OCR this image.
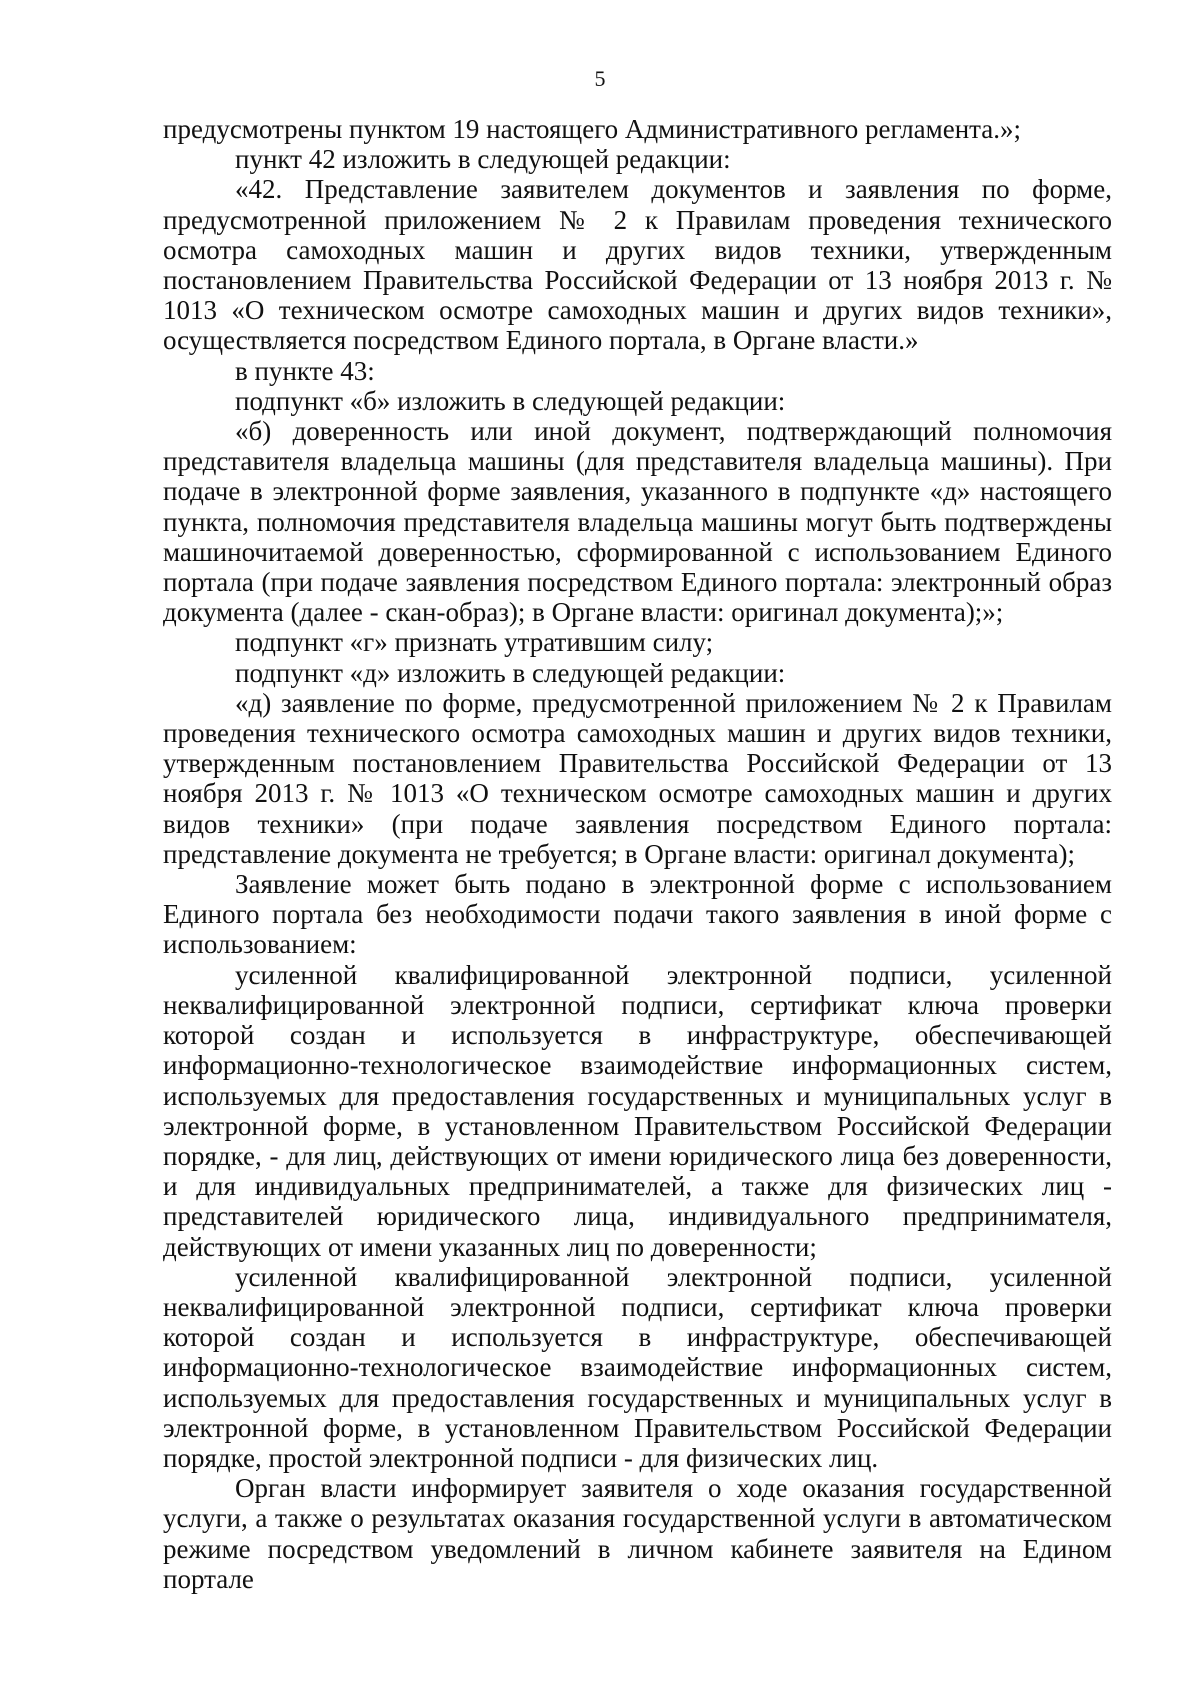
5

предусмотрены пунктом 19 настоящего Административного регламента.»;

пункт 42 изложить в следующей редакции:

«42. Представление заявителем документов и заявления по форме, предусмотренной приложением № 2 к Правилам проведения технического осмотра самоходных машин и других видов техники, утвержденным постановлением Правительства Российской Федерации от 13 ноября 2013 г. № 1013 «О техническом осмотре самоходных машин и других видов техники», осуществляется посредством Единого портала, в Органе власти.»

в пункте 43:

подпункт «б» изложить в следующей редакции:

«б) доверенность или иной документ, подтверждающий полномочия представителя владельца машины (для представителя владельца машины). При подаче в электронной форме заявления, указанного в подпункте «д» настоящего пункта, полномочия представителя владельца машины могут быть подтверждены машиночитаемой доверенностью, сформированной с использованием Единого портала (при подаче заявления посредством Единого портала: электронный образ документа (далее - скан-образ); в Органе власти: оригинал документа);»;

подпункт «г» признать утратившим силу;

подпункт «д» изложить в следующей редакции:

«д) заявление по форме, предусмотренной приложением № 2 к Правилам проведения технического осмотра самоходных машин и других видов техники, утвержденным постановлением Правительства Российской Федерации от 13 ноября 2013 г. № 1013 «О техническом осмотре самоходных машин и других видов техники» (при подаче заявления посредством Единого портала: представление документа не требуется; в Органе власти: оригинал документа);

Заявление может быть подано в электронной форме с использованием Единого портала без необходимости подачи такого заявления в иной форме с использованием:

усиленной квалифицированной электронной подписи, усиленной неквалифицированной электронной подписи, сертификат ключа проверки которой создан и используется в инфраструктуре, обеспечивающей информационно-технологическое взаимодействие информационных систем, используемых для предоставления государственных и муниципальных услуг в электронной форме, в установленном Правительством Российской Федерации порядке, - для лиц, действующих от имени юридического лица без доверенности, и для индивидуальных предпринимателей, а также для физических лиц - представителей юридического лица, индивидуального предпринимателя, действующих от имени указанных лиц по доверенности;

усиленной квалифицированной электронной подписи, усиленной неквалифицированной электронной подписи, сертификат ключа проверки которой создан и используется в инфраструктуре, обеспечивающей информационно-технологическое взаимодействие информационных систем, используемых для предоставления государственных и муниципальных услуг в электронной форме, в установленном Правительством Российской Федерации порядке, простой электронной подписи - для физических лиц.

Орган власти информирует заявителя о ходе оказания государственной услуги, а также о результатах оказания государственной услуги в автоматическом режиме посредством уведомлений в личном кабинете заявителя на Едином портале
